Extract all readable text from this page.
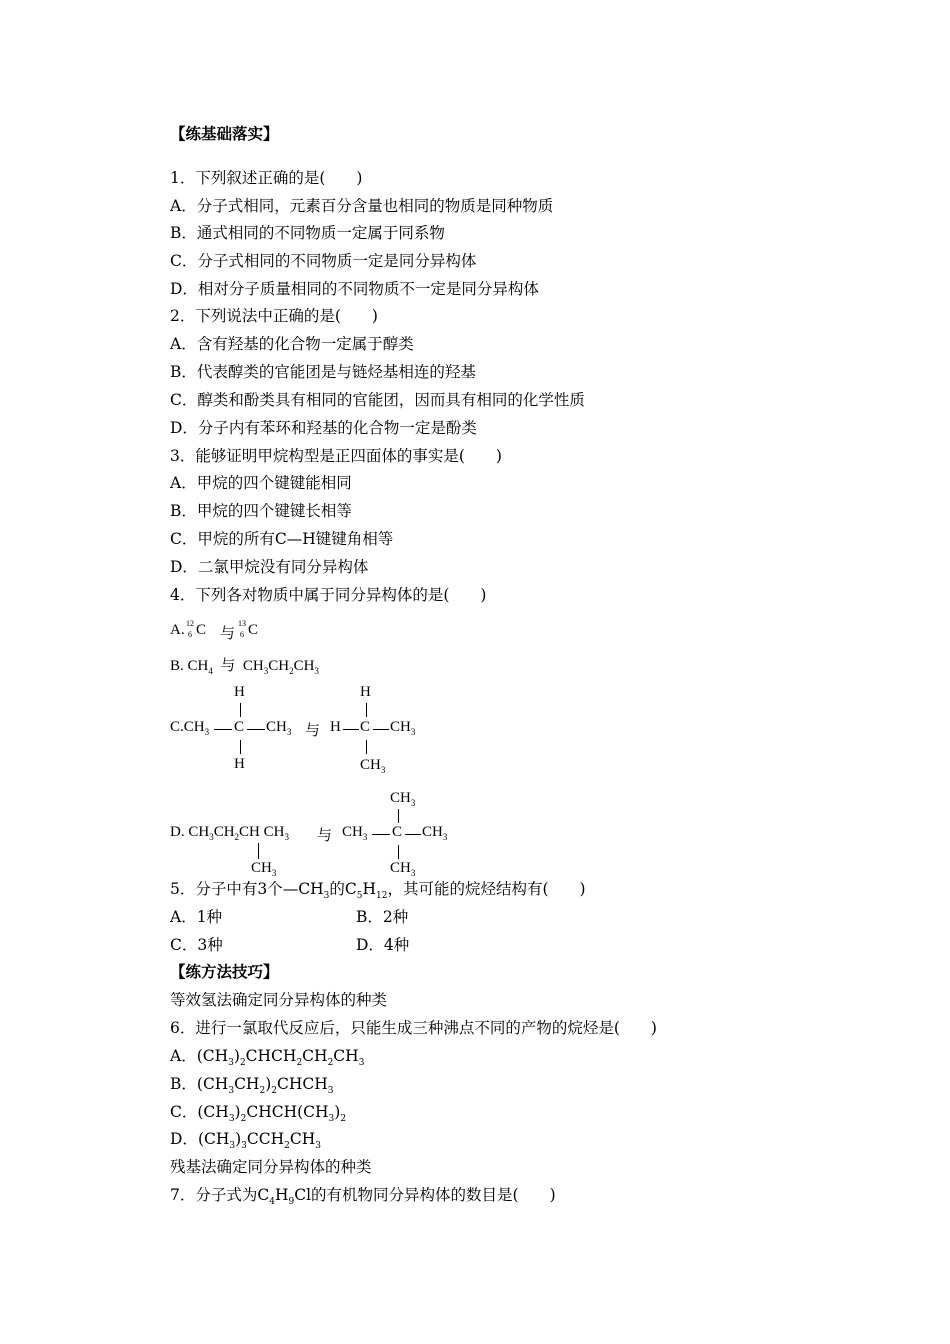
【练基础落实】
1．下列叙述正确的是(　　)
A．分子式相同，元素百分含量也相同的物质是同种物质
B．通式相同的不同物质一定属于同系物
C．分子式相同的不同物质一定是同分异构体
D．相对分子质量相同的不同物质不一定是同分异构体
2．下列说法中正确的是(　　)
A．含有羟基的化合物一定属于醇类
B．代表醇类的官能团是与链烃基相连的羟基
C．醇类和酚类具有相同的官能团，因而具有相同的化学性质
D．分子内有苯环和羟基的化合物一定是酚类
3．能够证明甲烷构型是正四面体的事实是(　　)
A．甲烷的四个键键能相同
B．甲烷的四个键键长相等
C．甲烷的所有C—H键键角相等
D．二氯甲烷没有同分异构体
4．下列各对物质中属于同分异构体的是(　　)
A. 12
6 C 与
13
6 C
B. $CH_4$ 与 $CH_3CH_2CH_3$
H
$C.CH_3$ C $CH_3$
H
与
H
H C $CH_3$
$CH_3$
D. $CH_3CH_2CH$ $CH_3$
$CH_3$
与
$CH_3$
$CH_3$ C $CH_3$
$CH_3$
5．分子中有3个$—CH_3$的$C_5H_{12}$，其可能的烷烃结构有(　　)
A．1种	B．2种
C．3种	D．4种
【练方法技巧】
等效氢法确定同分异构体的种类
6．进行一氯取代反应后，只能生成三种沸点不同的产物的烷烃是(　　)
A．$(CH_3)_2CHCH_2CH_2CH_3$
B．$(CH_3CH_2)_2CHCH_3$
C．$(CH_3)_2CHCH(CH_3)_2$
D．$(CH_3)_3CCH_2CH_3$
残基法确定同分异构体的种类
7．分子式为$C_4H_9Cl$的有机物同分异构体的数目是(　　)
